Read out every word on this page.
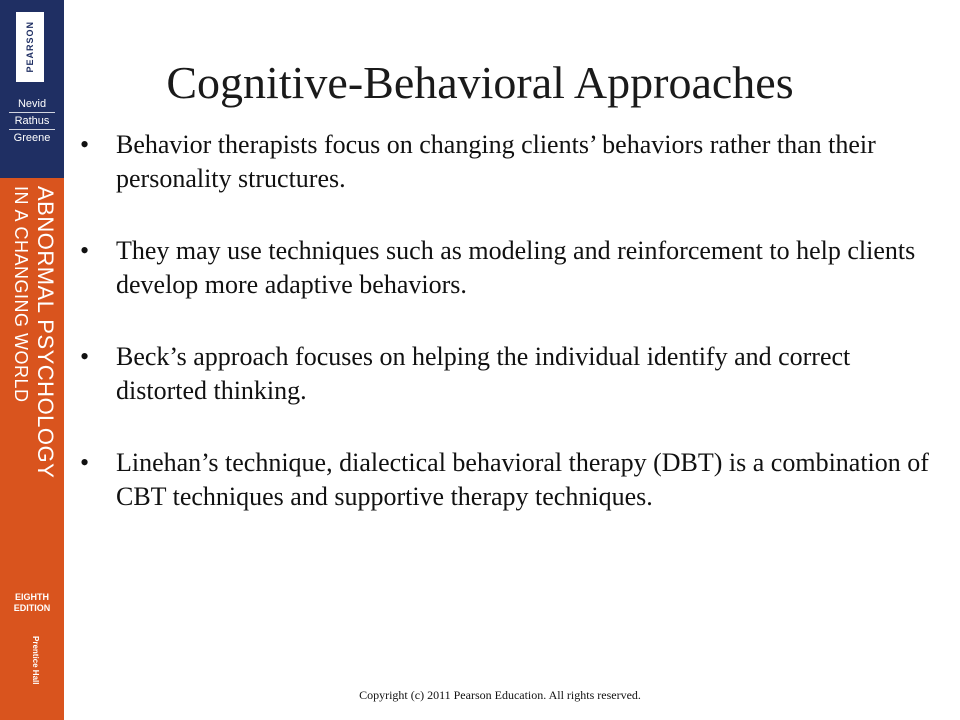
PEARSON
Nevid
Rathus
Greene
ABNORMAL PSYCHOLOGY
IN A CHANGING WORLD
EIGHTH
EDITION
Prentice Hall
Cognitive-Behavioral Approaches
• Behavior therapists focus on changing clients’ behaviors rather than their personality structures.
• They may use techniques such as modeling and reinforcement to help clients develop more adaptive behaviors.
• Beck’s approach focuses on helping the individual identify and correct distorted thinking.
• Linehan’s technique, dialectical behavioral therapy (DBT) is a combination of CBT techniques and supportive therapy techniques.
Copyright (c) 2011 Pearson Education. All rights reserved.
